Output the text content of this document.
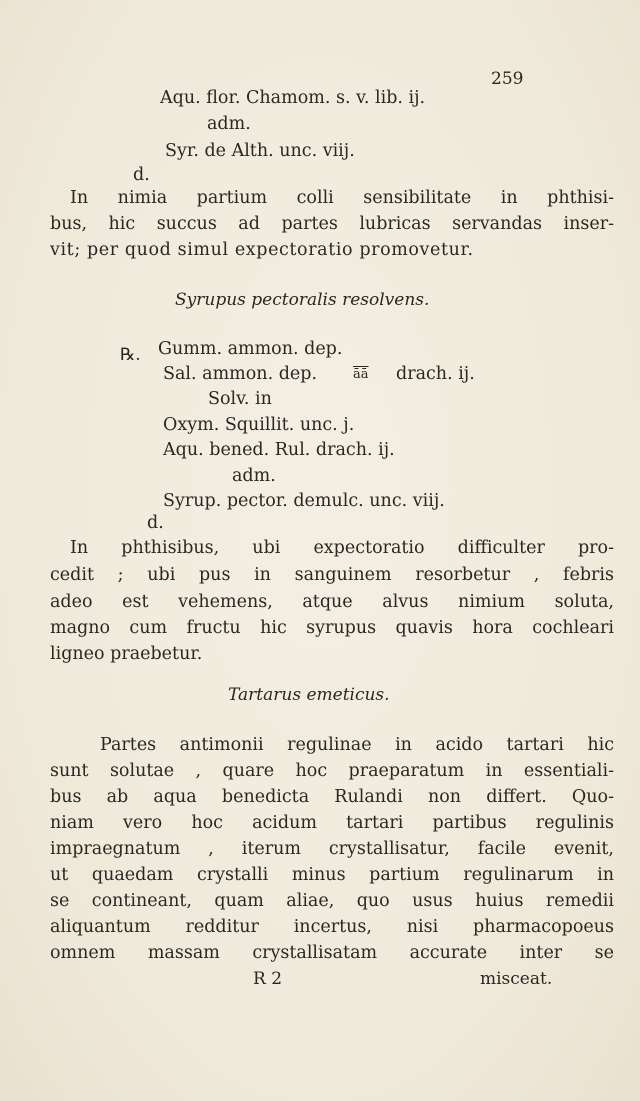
259
Aqu. flor. Chamom. s. v. lib. ij.
adm.
Syr. de Alth. unc. viij.
d.
In nimia partium colli sensibilitate in phthisi-
bus, hic succus ad partes lubricas servandas inser-
vit; per quod simul expectoratio promovetur.
Syrupus pectoralis resolvens.
℞. Gumm. ammon. dep.
Sal. ammon. dep.	$\overline{āā}$ drach. ij.
Solv. in
Oxym. Squillit. unc. j.
Aqu. bened. Rul. drach. ij.
adm.
Syrup. pector. demulc. unc. viij.
d.
In phthisibus, ubi expectoratio difficulter pro-
cedit ; ubi pus in sanguinem resorbetur , febris
adeo est vehemens, atque alvus nimium soluta,
magno cum fructu hic syrupus quavis hora cochleari
ligneo praebetur.
Tartarus emeticus.
Partes antimonii regulinae in acido tartari hic
sunt solutae , quare hoc praeparatum in essentiali-
bus ab aqua benedicta Rulandi non differt. Quo-
niam vero hoc acidum tartari partibus regulinis
impraegnatum , iterum crystallisatur, facile evenit,
ut quaedam crystalli minus partium regulinarum in
se contineant, quam aliae, quo usus huius remedii
aliquantum redditur incertus, nisi pharmacopoeus
omnem massam crystallisatam accurate inter se
R 2	misceat.
